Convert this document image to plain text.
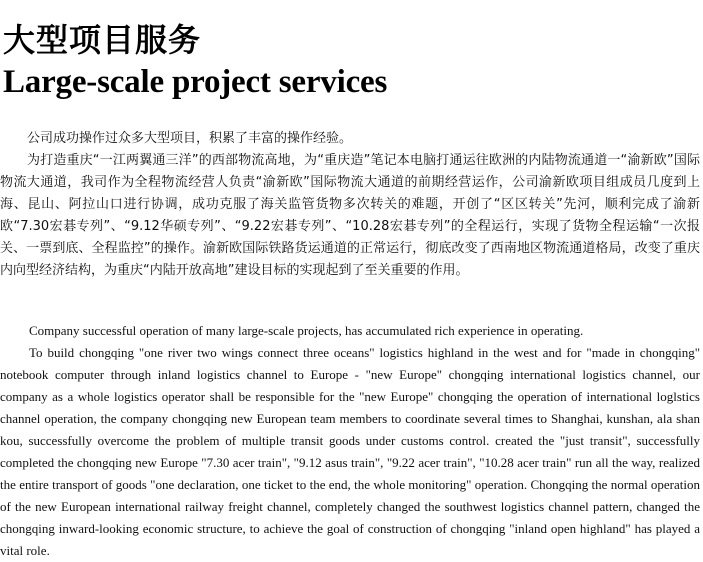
大型项目服务
Large-scale project services

公司成功操作过众多大型项目，积累了丰富的操作经验。

为打造重庆“一江两翼通三洋”的西部物流高地，为“重庆造”笔记本电脑打通运往欧洲的内陆物流通道一“渝新欧”国际物流大通道，我司作为全程物流经营人负责“渝新欧”国际物流大通道的前期经营运作，公司渝新欧项目组成员几度到上海、昆山、阿拉山口进行协调，成功克服了海关监管货物多次转关的难题，开创了“区区转关”先河，顺利完成了渝新欧“7.30宏碁专列”、“9.12华硕专列”、“9.22宏碁专列”、“10.28宏碁专列”的全程运行，实现了货物全程运输“一次报关、一票到底、全程监控”的操作。渝新欧国际铁路货运通道的正常运行，彻底改变了西南地区物流通道格局，改变了重庆内向型经济结构，为重庆“内陆开放高地”建设目标的实现起到了至关重要的作用。

Company successful operation of many large-scale projects, has accumulated rich experience in operating.

To build chongqing "one river two wings connect three oceans" logistics highland in the west and for "made in chongqing" notebook computer through inland logistics channel to Europe - "new Europe" chongqing international logistics channel, our company as a whole logistics operator shall be responsible for the "new Europe" chongqing the operation of international loglstics channel operation, the company chongqing new European team members to coordinate several times to Shanghai, kunshan, ala shan kou, successfully overcome the problem of multiple transit goods under customs control. created the "just transit", successfully completed the chongqing new Europe "7.30 acer train", "9.12 asus train", "9.22 acer train", "10.28 acer train" run all the way, realized the entire transport of goods "one declaration, one ticket to the end, the whole monitoring" operation. Chongqing the normal operation of the new European international railway freight channel, completely changed the southwest logistics channel pattern, changed the chongqing inward-looking economic structure, to achieve the goal of construction of chongqing "inland open highland" has played a vital role.
